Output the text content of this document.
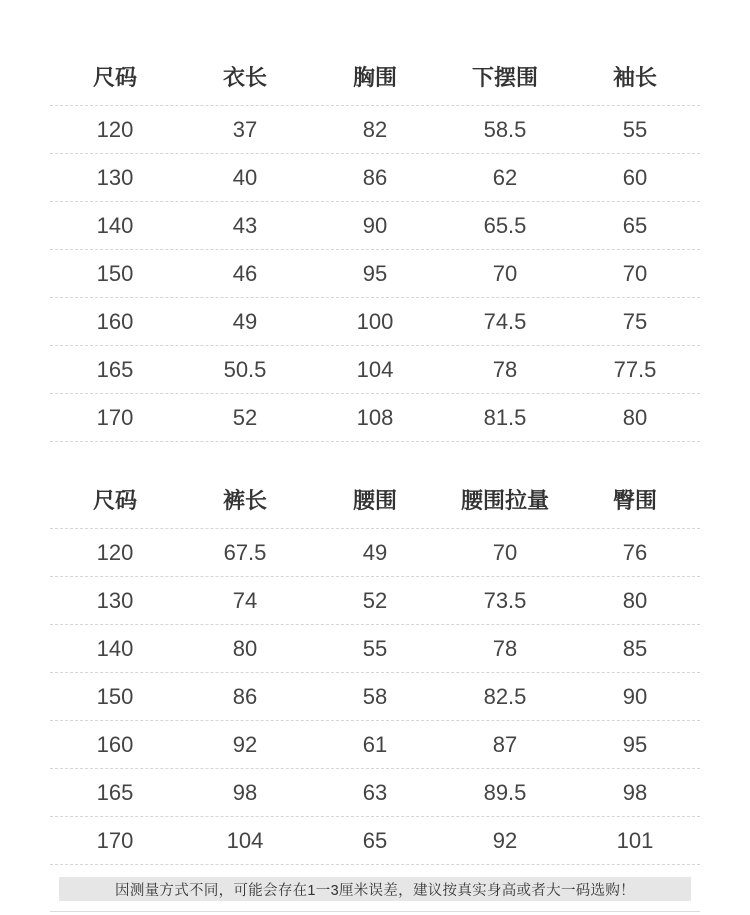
尺码	衣长	胸围	下摆围	袖长
120	37	82	58.5	55
130	40	86	62	60
140	43	90	65.5	65
150	46	95	70	70
160	49	100	74.5	75
165	50.5	104	78	77.5
170	52	108	81.5	80
尺码	裤长	腰围	腰围拉量	臀围
120	67.5	49	70	76
130	74	52	73.5	80
140	80	55	78	85
150	86	58	82.5	90
160	92	61	87	95
165	98	63	89.5	98
170	104	65	92	101
因测量方式不同，可能会存在1一3厘米误差，建议按真实身高或者大一码选购！
